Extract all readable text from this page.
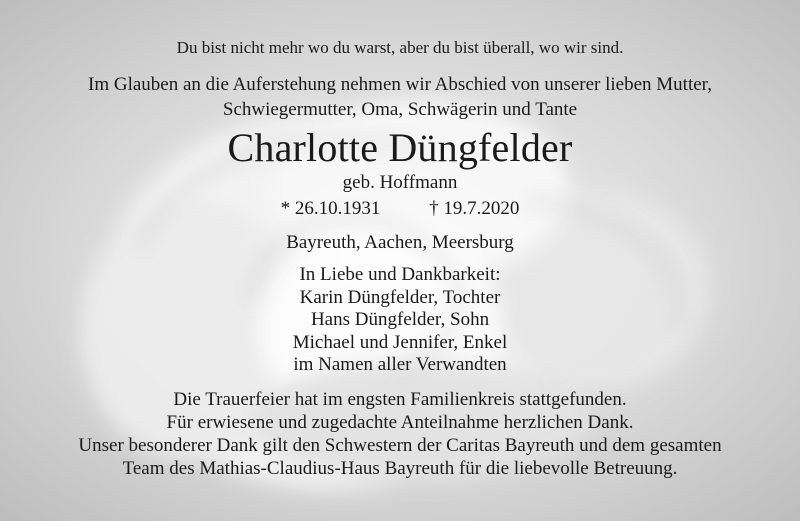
Du bist nicht mehr wo du warst, aber du bist überall, wo wir sind.
Im Glauben an die Auferstehung nehmen wir Abschied von unserer lieben Mutter,
Schwiegermutter, Oma, Schwägerin und Tante
Charlotte Düngfelder
geb. Hoffmann
* 26.10.1931	† 19.7.2020
Bayreuth, Aachen, Meersburg
In Liebe und Dankbarkeit:
Karin Düngfelder, Tochter
Hans Düngfelder, Sohn
Michael und Jennifer, Enkel
im Namen aller Verwandten
Die Trauerfeier hat im engsten Familienkreis stattgefunden.
Für erwiesene und zugedachte Anteilnahme herzlichen Dank.
Unser besonderer Dank gilt den Schwestern der Caritas Bayreuth und dem gesamten
Team des Mathias-Claudius-Haus Bayreuth für die liebevolle Betreuung.
